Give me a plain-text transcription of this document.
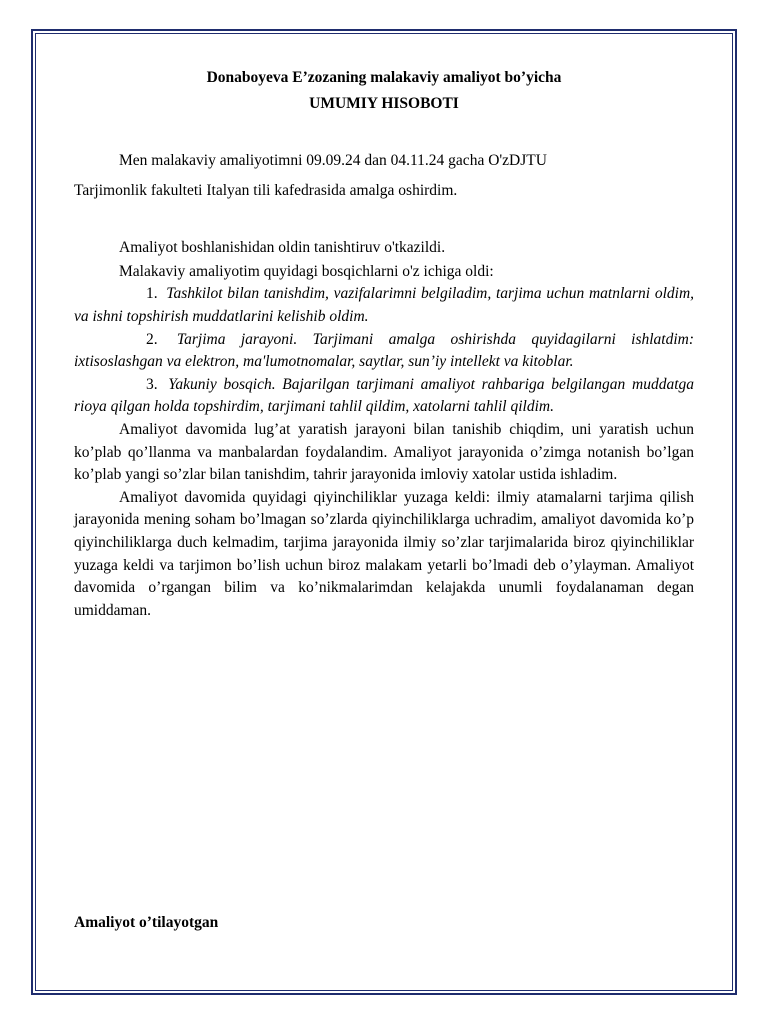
Donaboyeva E’zozaning malakaviy amaliyot bo’yicha

UMUMIY HISOBOTI

Men malakaviy amaliyotimni 09.09.24 dan 04.11.24 gacha O'zDJTU

Tarjimonlik fakulteti Italyan tili kafedrasida amalga oshirdim.

Amaliyot boshlanishidan oldin tanishtiruv o'tkazildi.

Malakaviy amaliyotim quyidagi bosqichlarni o'z ichiga oldi:

1.  Tashkilot bilan tanishdim, vazifalarimni belgiladim, tarjima uchun matnlarni oldim, va ishni topshirish muddatlarini kelishib oldim.

2.  Tarjima jarayoni. Tarjimani amalga oshirishda quyidagilarni ishlatdim: ixtisoslashgan va elektron, ma'lumotnomalar, saytlar, sun’iy intellekt va kitoblar.

3.  Yakuniy bosqich. Bajarilgan tarjimani amaliyot rahbariga belgilangan muddatga rioya qilgan holda topshirdim, tarjimani tahlil qildim, xatolarni tahlil qildim.

Amaliyot davomida lug’at yaratish jarayoni bilan tanishib chiqdim, uni yaratish uchun ko’plab qo’llanma va manbalardan foydalandim. Amaliyot jarayonida o’zimga notanish bo’lgan ko’plab yangi so’zlar bilan tanishdim, tahrir jarayonida imloviy xatolar ustida ishladim.

Amaliyot davomida quyidagi qiyinchiliklar yuzaga keldi: ilmiy atamalarni tarjima qilish jarayonida mening soham bo’lmagan so’zlarda qiyinchiliklarga uchradim, amaliyot davomida ko’p qiyinchiliklarga duch kelmadim, tarjima jarayonida ilmiy so’zlar tarjimalarida biroz qiyinchiliklar yuzaga keldi va tarjimon bo’lish uchun biroz malakam yetarli bo’lmadi deb o’ylayman. Amaliyot davomida o’rgangan bilim va ko’nikmalarimdan kelajakda unumli foydalanaman degan umiddaman.

Amaliyot o’tilayotgan
